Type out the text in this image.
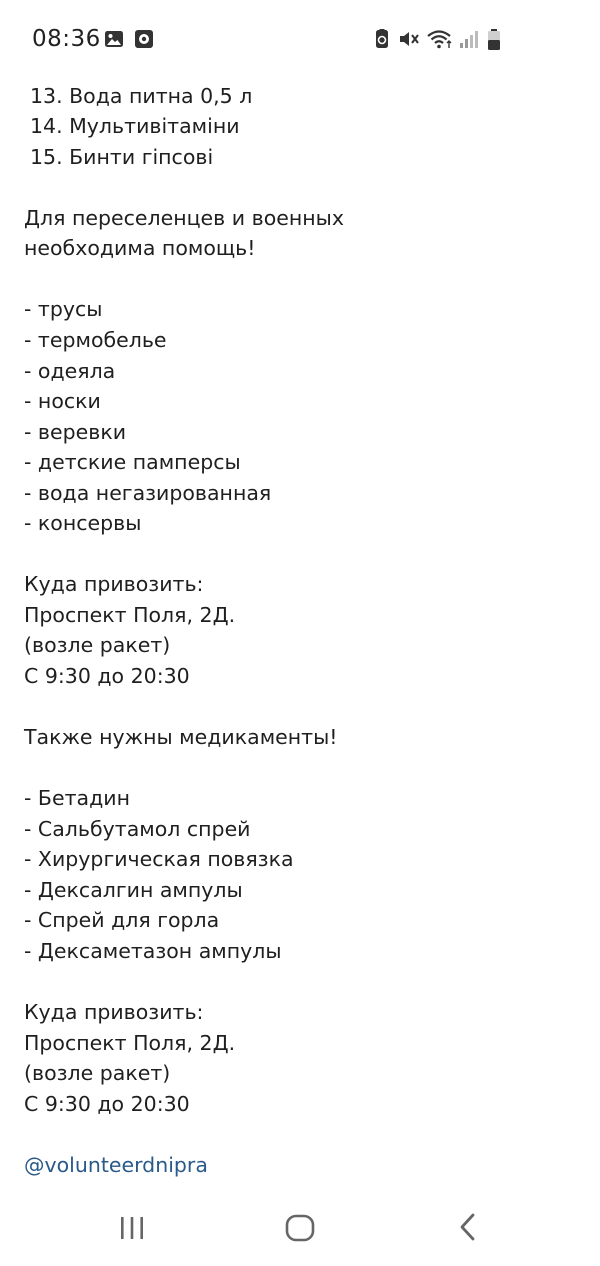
13. Вода питна 0,5 л
14. Мультивітаміни
15. Бинти гіпсові
Для переселенцев и военных
необходима помощь!
- трусы
- термобелье
- одеяла
- носки
- веревки
- детские памперсы
- вода негазированная
- консервы
Куда привозить:
Проспект Поля, 2Д.
(возле ракет)
С 9:30 до 20:30
Также нужны медикаменты!
- Бетадин
- Сальбутамол спрей
- Хирургическая повязка
- Дексалгин ампулы
- Спрей для горла
- Дексаметазон ампулы
Куда привозить:
Проспект Поля, 2Д.
(возле ракет)
С 9:30 до 20:30
@volunteerdnipra
08:36
